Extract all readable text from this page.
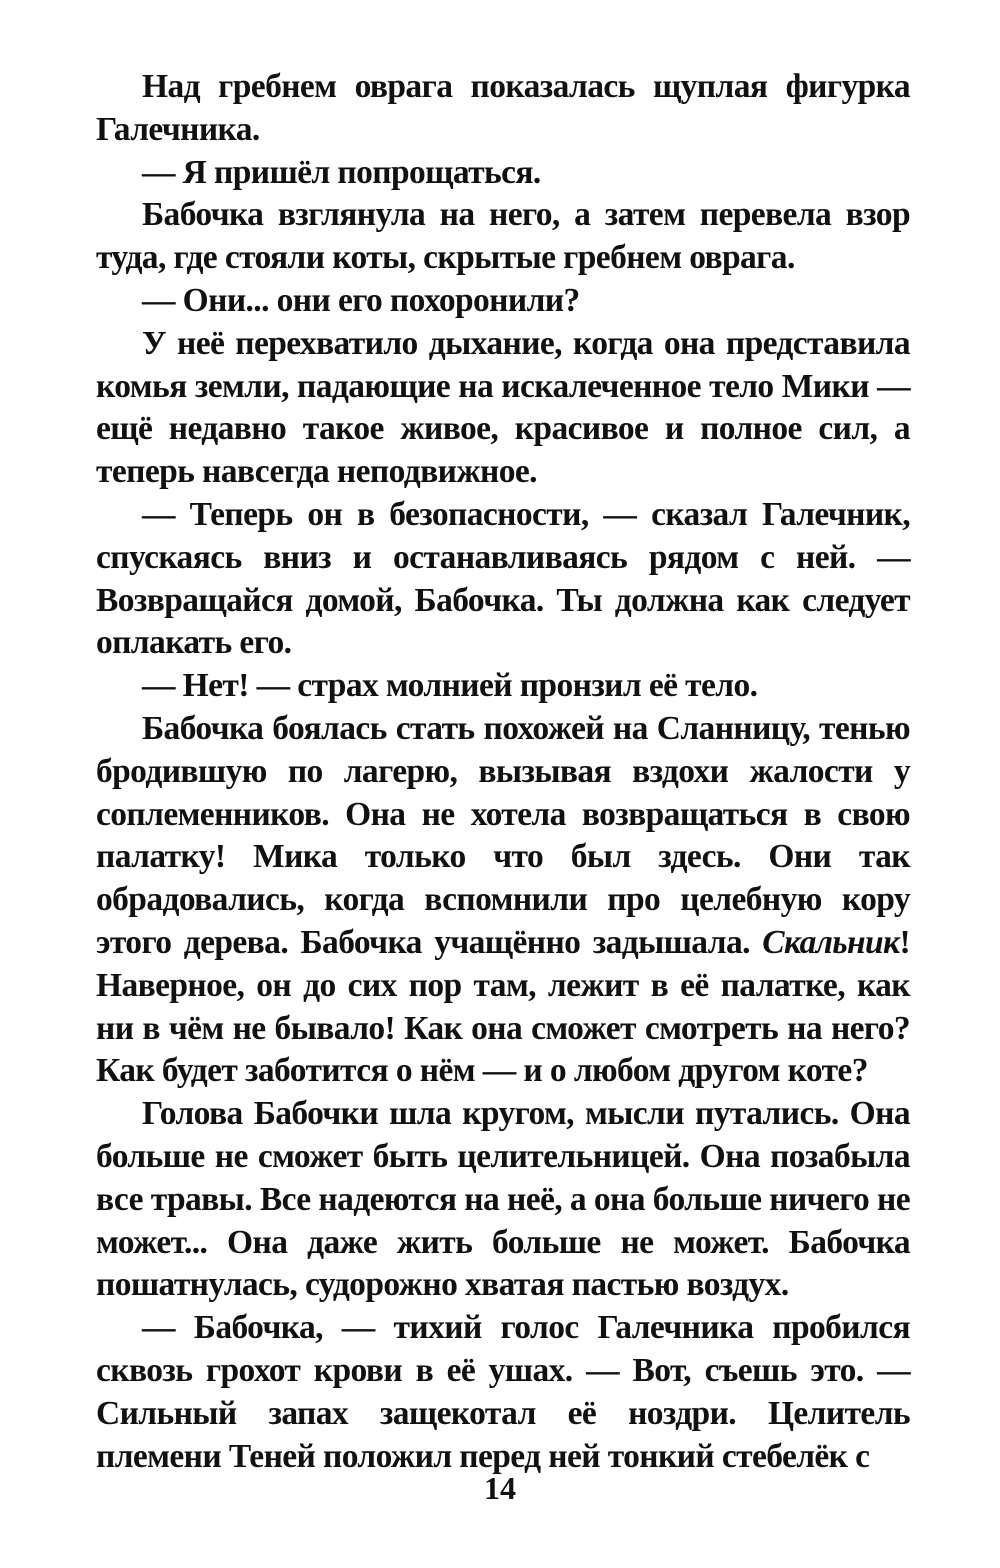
Над гребнем оврага показалась щуплая фигурка Галечника.

— Я пришёл попрощаться.

Бабочка взглянула на него, а затем перевела взор туда, где стояли коты, скрытые гребнем оврага.

— Они... они его похоронили?

У неё перехватило дыхание, когда она представила комья земли, падающие на искалеченное тело Мики — ещё недавно такое живое, красивое и полное сил, а теперь навсегда неподвижное.

— Теперь он в безопасности, — сказал Галечник, спускаясь вниз и останавливаясь рядом с ней. — Возвращайся домой, Бабочка. Ты должна как следует оплакать его.

— Нет! — страх молнией пронзил её тело.

Бабочка боялась стать похожей на Сланницу, тенью бродившую по лагерю, вызывая вздохи жалости у соплеменников. Она не хотела возвращаться в свою палатку! Мика только что был здесь. Они так обрадовались, когда вспомнили про целебную кору этого дерева. Бабочка учащённо задышала. Скальник! Наверное, он до сих пор там, лежит в её палатке, как ни в чём не бывало! Как она сможет смотреть на него? Как будет заботится о нём — и о любом другом коте?

Голова Бабочки шла кругом, мысли путались. Она больше не сможет быть целительницей. Она позабыла все травы. Все надеются на неё, а она больше ничего не может... Она даже жить больше не может. Бабочка пошатнулась, судорожно хватая пастью воздух.

— Бабочка, — тихий голос Галечника пробился сквозь грохот крови в её ушах. — Вот, съешь это. — Сильный запах защекотал её ноздри. Целитель племени Теней положил перед ней тонкий стебелёк с

14
